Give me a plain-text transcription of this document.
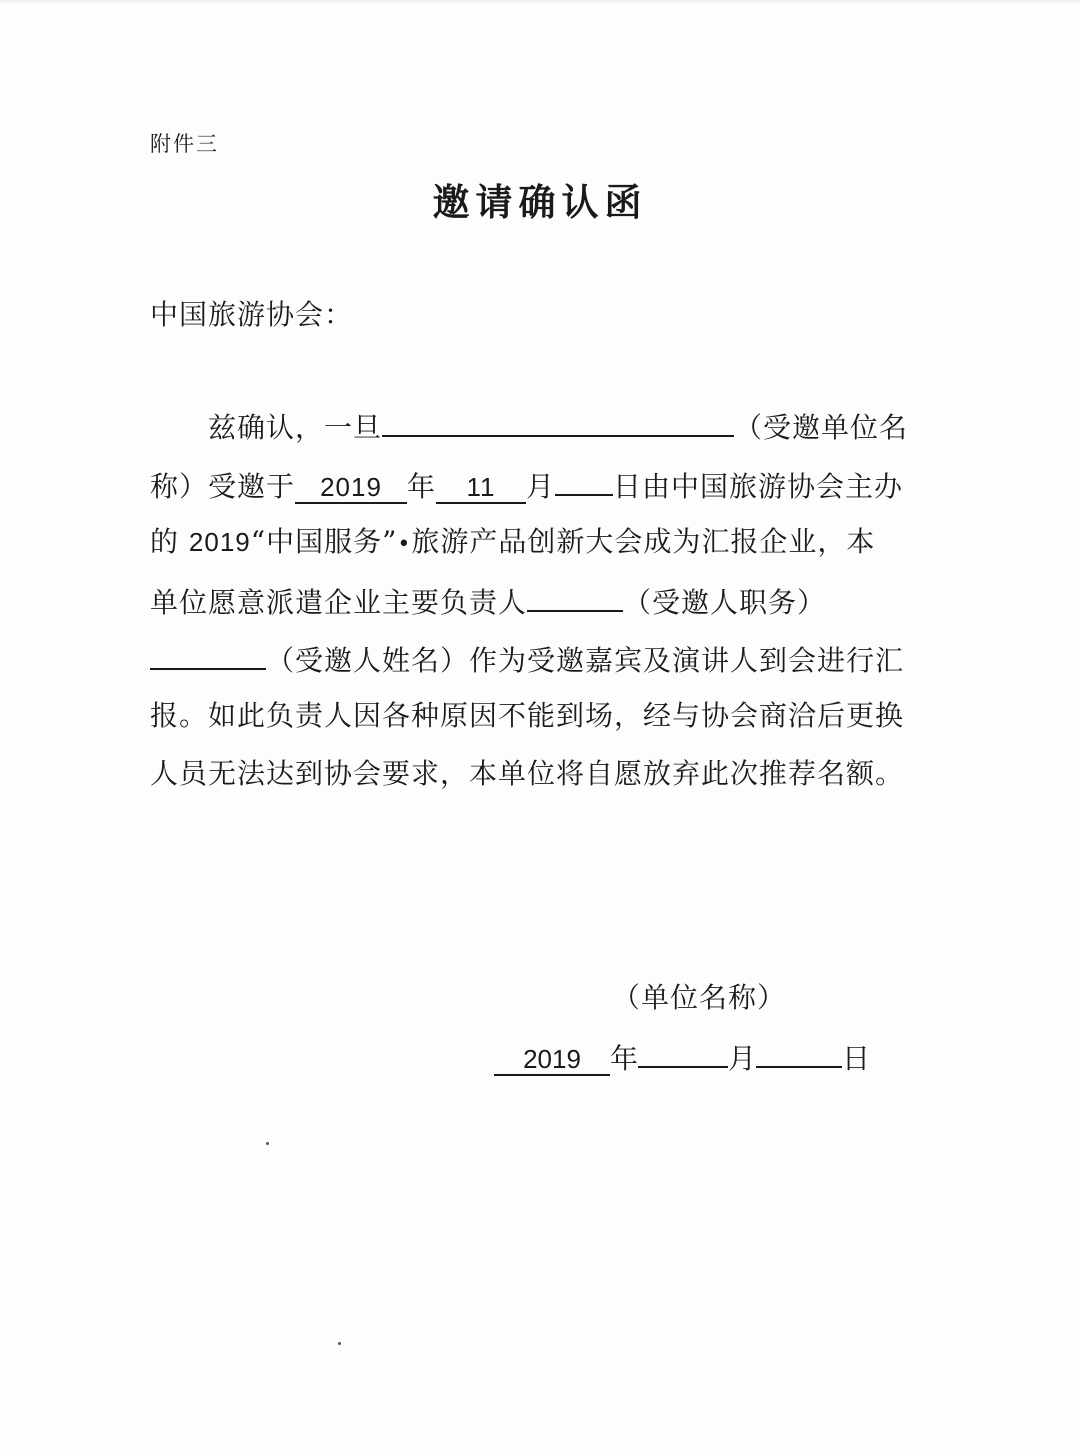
附件三
邀请确认函
中国旅游协会：
兹确认，一旦	（受邀单位名
称）受邀于 2019 年 11 月 日由中国旅游协会主办
的 2019“中国服务”•旅游产品创新大会成为汇报企业，本
单位愿意派遣企业主要负责人	（受邀人职务）
（受邀人姓名）作为受邀嘉宾及演讲人到会进行汇
报。如此负责人因各种原因不能到场，经与协会商洽后更换
人员无法达到协会要求，本单位将自愿放弃此次推荐名额。
（单位名称）
2019 年	月	日
